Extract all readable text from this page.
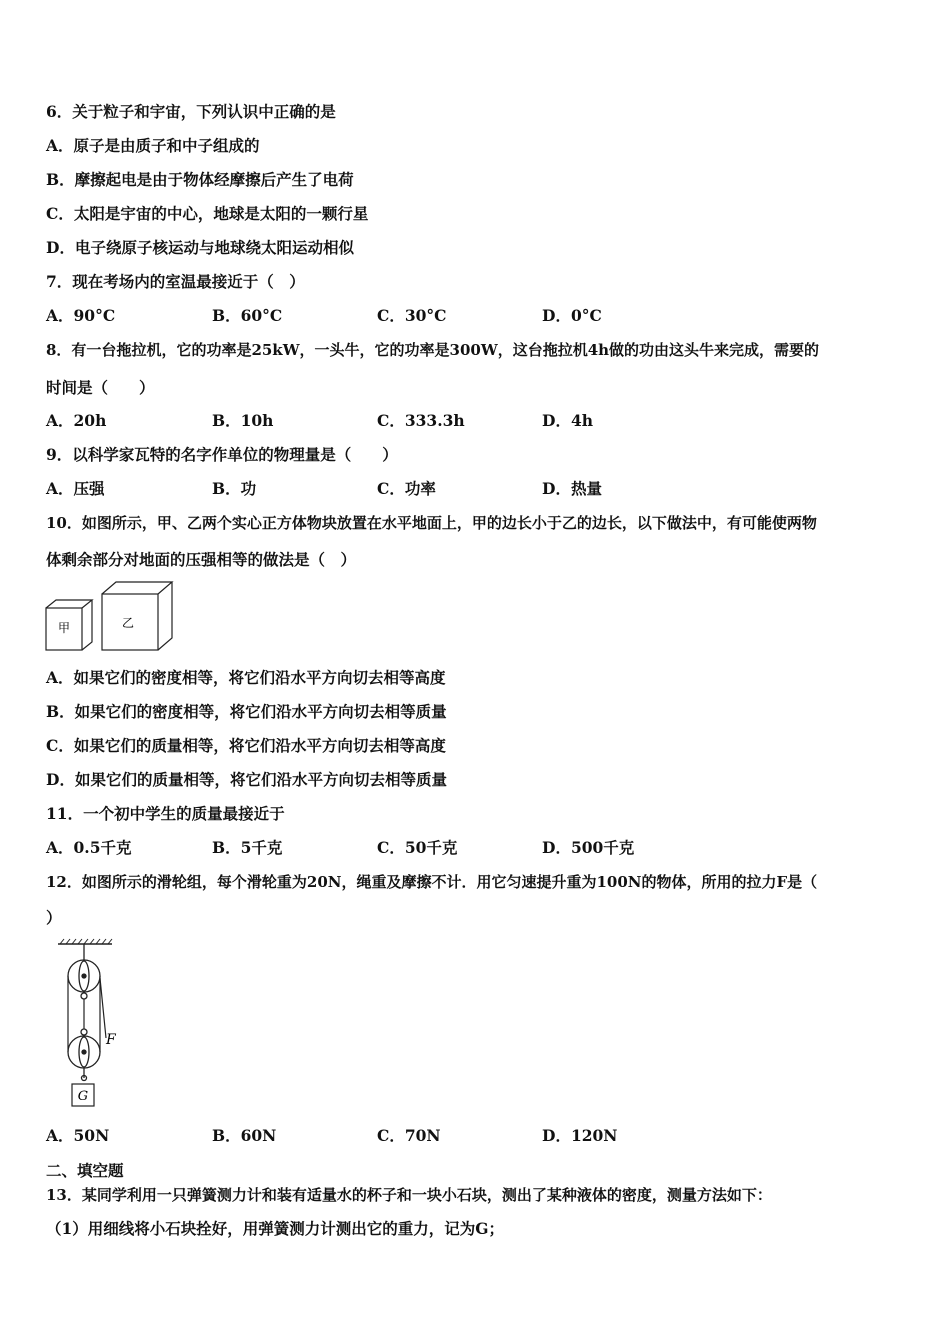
6．关于粒子和宇宙，下列认识中正确的是
A．原子是由质子和中子组成的
B．摩擦起电是由于物体经摩擦后产生了电荷
C．太阳是宇宙的中心，地球是太阳的一颗行星
D．电子绕原子核运动与地球绕太阳运动相似
7．现在考场内的室温最接近于（　）
A．90°C	B．60°C	C．30°C	D．0°C
8．有一台拖拉机，它的功率是25kW，一头牛，它的功率是300W，这台拖拉机4h做的功由这头牛来完成，需要的
时间是（　　）
A．20h	B．10h	C．333.3h	D．4h
9．以科学家瓦特的名字作单位的物理量是（　　）
A．压强	B．功	C．功率	D．热量
10．如图所示，甲、乙两个实心正方体物块放置在水平地面上，甲的边长小于乙的边长，以下做法中，有可能使两物
体剩余部分对地面的压强相等的做法是（　）
甲	乙
A．如果它们的密度相等，将它们沿水平方向切去相等高度
B．如果它们的密度相等，将它们沿水平方向切去相等质量
C．如果它们的质量相等，将它们沿水平方向切去相等高度
D．如果它们的质量相等，将它们沿水平方向切去相等质量
11．一个初中学生的质量最接近于
A．0.5千克	B．5千克	C．50千克	D．500千克
12．如图所示的滑轮组，每个滑轮重为20N，绳重及摩擦不计．用它匀速提升重为100N的物体，所用的拉力F是（
）
F
G
A．50N	B．60N	C．70N	D．120N
二、填空题
13．某同学利用一只弹簧测力计和装有适量水的杯子和一块小石块，测出了某种液体的密度，测量方法如下：
（1）用细线将小石块拴好，用弹簧测力计测出它的重力，记为G；
